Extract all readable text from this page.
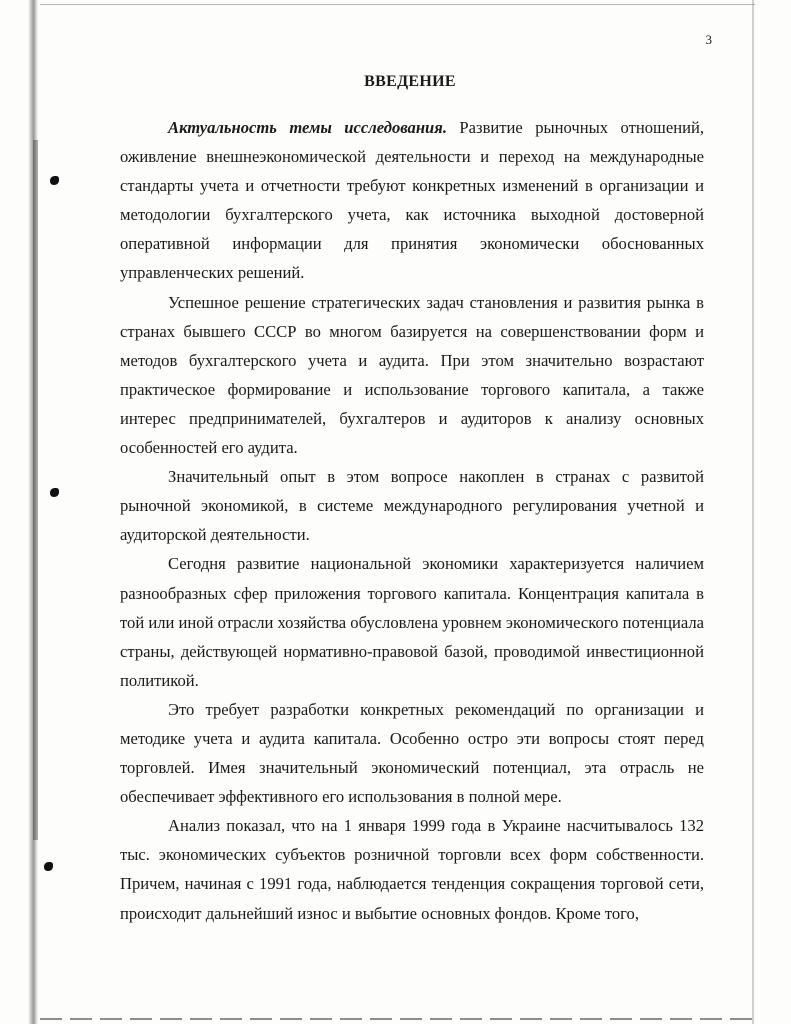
3
ВВЕДЕНИЕ

Актуальность темы исследования. Развитие рыночных отношений, оживление внешнеэкономической деятельности и переход на международные стандарты учета и отчетности требуют конкретных изменений в организации и методологии бухгалтерского учета, как источника выходной достоверной оперативной информации для принятия экономически обоснованных управленческих решений.

Успешное решение стратегических задач становления и развития рынка в странах бывшего СССР во многом базируется на совершенствовании форм и методов бухгалтерского учета и аудита. При этом значительно возрастают практическое формирование и использование торгового капитала, а также интерес предпринимателей, бухгалтеров и аудиторов к анализу основных особенностей его аудита.

Значительный опыт в этом вопросе накоплен в странах с развитой рыночной экономикой, в системе международного регулирования учетной и аудиторской деятельности.

Сегодня развитие национальной экономики характеризуется наличием разнообразных сфер приложения торгового капитала. Концентрация капитала в той или иной отрасли хозяйства обусловлена уровнем экономического потенциала страны, действующей нормативно-правовой базой, проводимой инвестиционной политикой.

Это требует разработки конкретных рекомендаций по организации и методике учета и аудита капитала. Особенно остро эти вопросы стоят перед торговлей. Имея значительный экономический потенциал, эта отрасль не обеспечивает эффективного его использования в полной мере.

Анализ показал, что на 1 января 1999 года в Украине насчитывалось 132 тыс. экономических субъектов розничной торговли всех форм собственности. Причем, начиная с 1991 года, наблюдается тенденция сокращения торговой сети, происходит дальнейший износ и выбытие основных фондов. Кроме того,
